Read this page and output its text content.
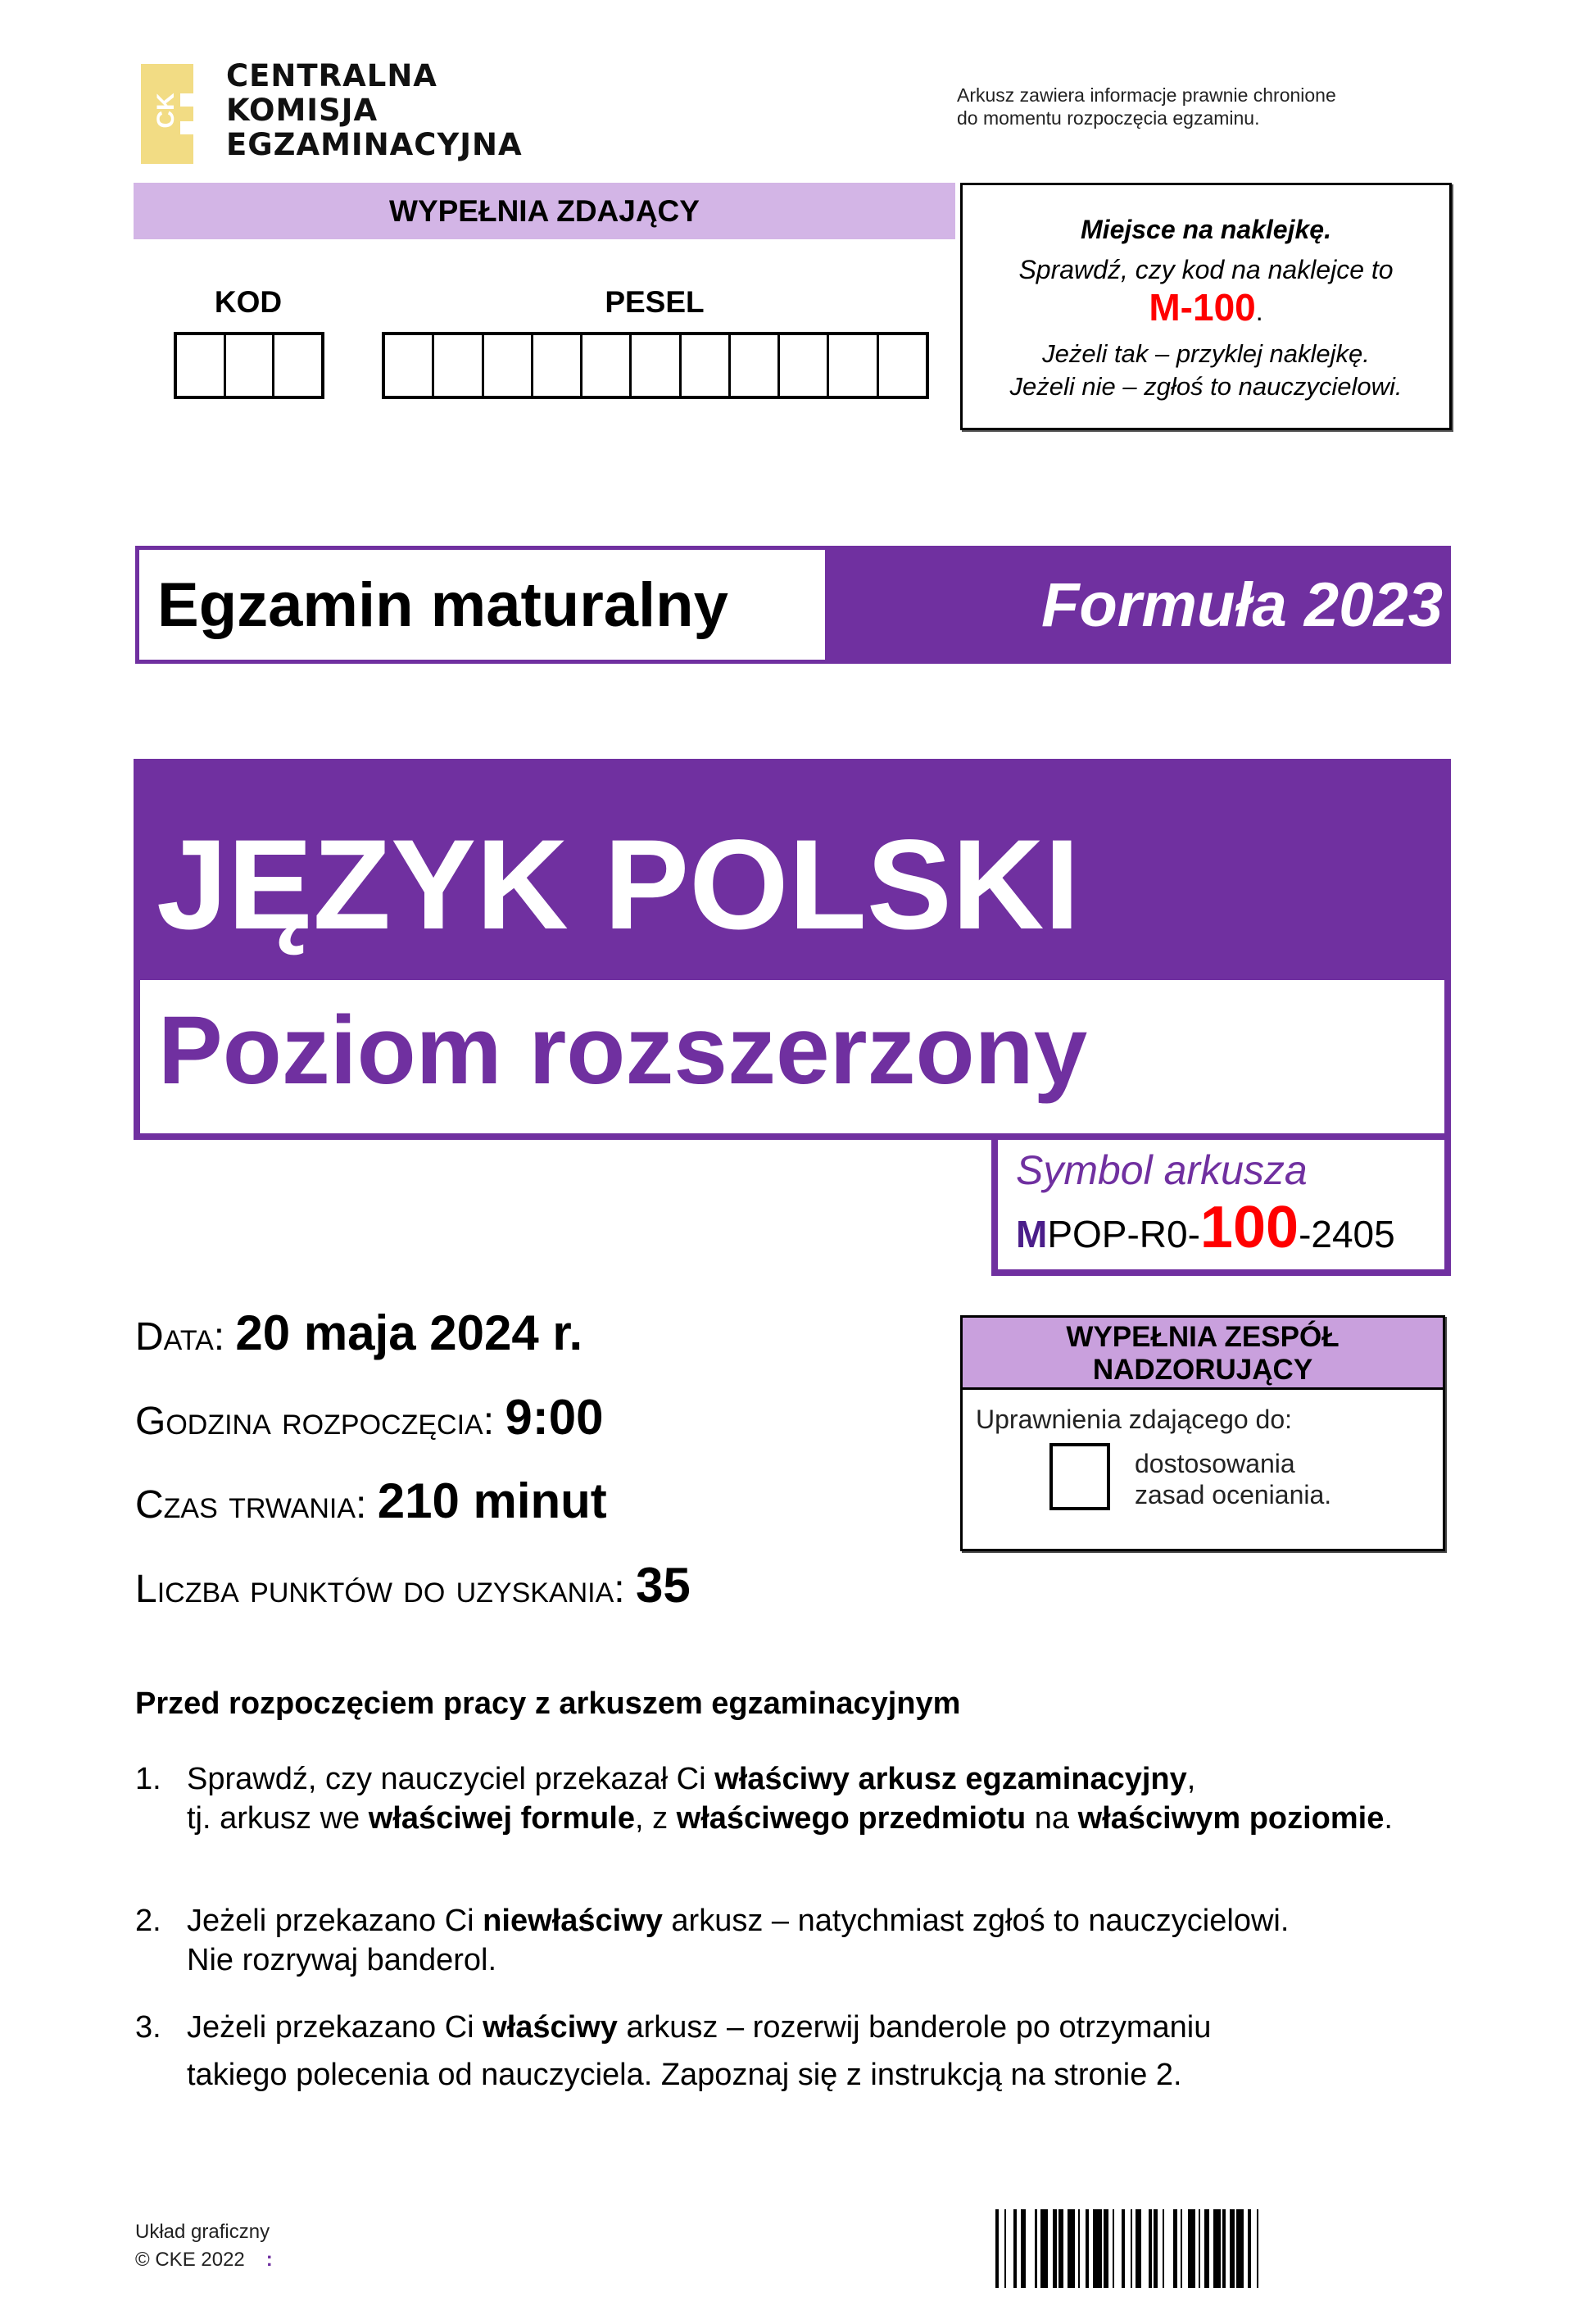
CK
CENTRALNA
KOMISJA
EGZAMINACYJNA
Arkusz zawiera informacje prawnie chronione
do momentu rozpoczęcia egzaminu.
WYPEŁNIA ZDAJĄCY
KOD	PESEL
Miejsce na naklejkę.
Sprawdź, czy kod na naklejce to
M-100.
Jeżeli tak – przyklej naklejkę.
Jeżeli nie – zgłoś to nauczycielowi.
Egzamin maturalny	Formuła 2023
JĘZYK POLSKI
Poziom rozszerzony
Symbol arkusza
MPOP-R0-100-2405
Data: 20 maja 2024 r.
Godzina rozpoczęcia: 9:00
Czas trwania: 210 minut
Liczba punktów do uzyskania: 35
WYPEŁNIA ZESPÓŁ
NADZORUJĄCY
Uprawnienia zdającego do:
dostosowania
zasad oceniania.
Przed rozpoczęciem pracy z arkuszem egzaminacyjnym
1. Sprawdź, czy nauczyciel przekazał Ci właściwy arkusz egzaminacyjny,
tj. arkusz we właściwej formule, z właściwego przedmiotu na właściwym poziomie.
2. Jeżeli przekazano Ci niewłaściwy arkusz – natychmiast zgłoś to nauczycielowi.
Nie rozrywaj banderol.
3. Jeżeli przekazano Ci właściwy arkusz – rozerwij banderole po otrzymaniu
takiego polecenia od nauczyciela. Zapoznaj się z instrukcją na stronie 2.
Układ graficzny
© CKE 2022 :
